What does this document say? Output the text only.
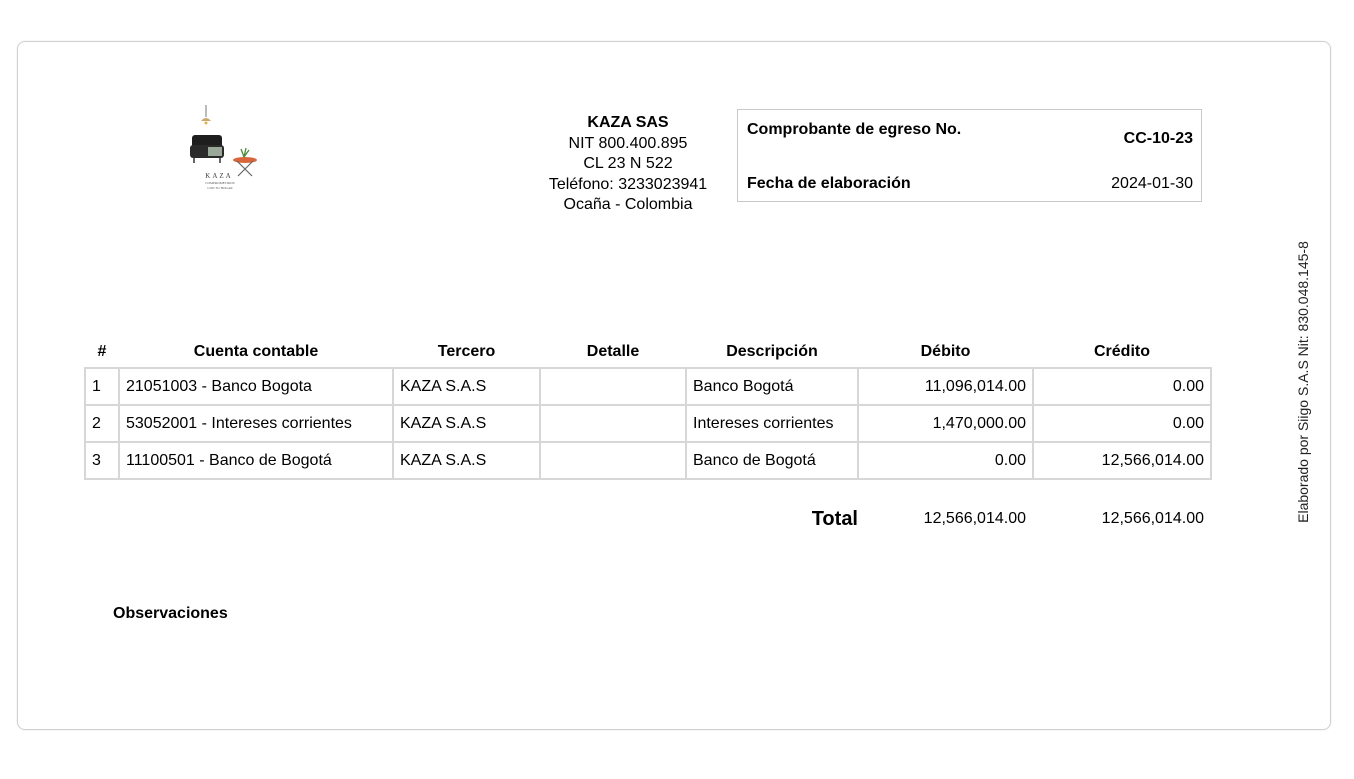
KAZA
COMPROMETIDOS
CON TU HOGAR
KAZA SAS
NIT 800.400.895
CL 23 N 522
Teléfono: 3233023941
Ocaña - Colombia
Comprobante de egreso No.
CC-10-23
Fecha de elaboración	2024-01-30
#	Cuenta contable	Tercero	Detalle	Descripción	Débito	Crédito
1	21051003 - Banco Bogota	KAZA S.A.S		Banco Bogotá	11,096,014.00	0.00
2	53052001 - Intereses corrientes	KAZA S.A.S		Intereses corrientes	1,470,000.00	0.00
3	11100501 - Banco de Bogotá	KAZA S.A.S		Banco de Bogotá	0.00	12,566,014.00
Total	12,566,014.00	12,566,014.00
Observaciones
Elaborado por Siigo S.A.S Nit: 830.048.145-8
